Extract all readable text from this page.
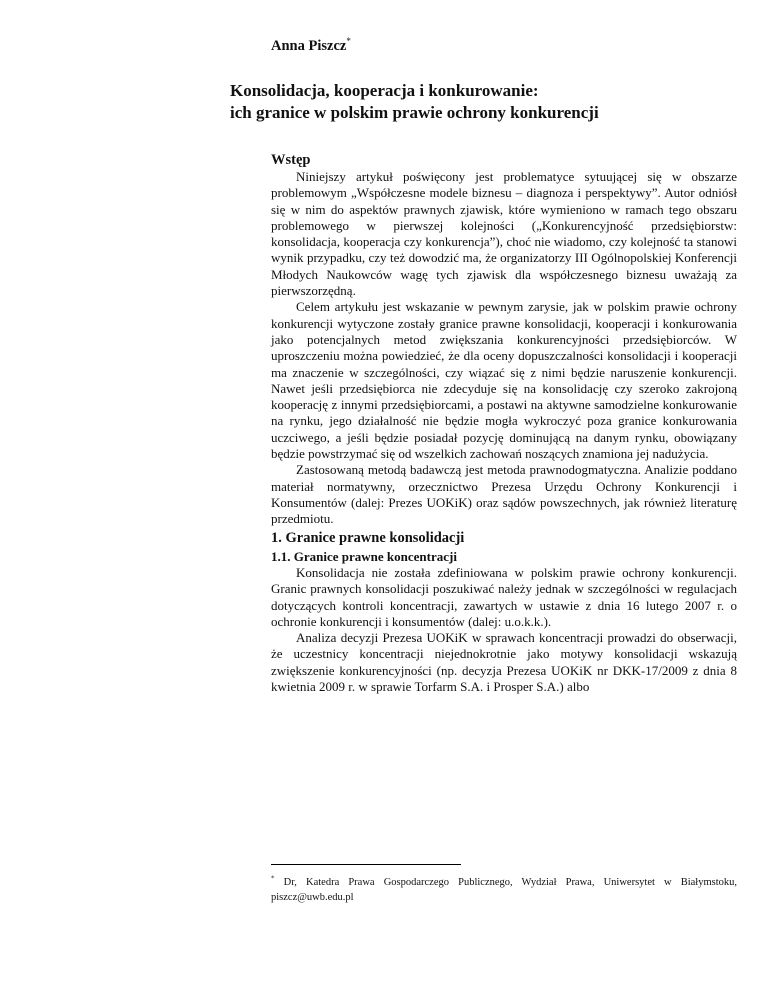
Anna Piszcz*
Konsolidacja, kooperacja i konkurowanie:
ich granice w polskim prawie ochrony konkurencji
Wstęp

Niniejszy artykuł poświęcony jest problematyce sytuującej się w obszarze problemowym „Współczesne modele biznesu – diagnoza i perspektywy”. Autor odniósł się w nim do aspektów prawnych zjawisk, które wymieniono w ramach tego obszaru problemowego w pierwszej kolejności („Konkurencyjność przedsiębiorstw: konsolidacja, kooperacja czy konkurencja”), choć nie wiadomo, czy kolejność ta stanowi wynik przypadku, czy też dowodzić ma, że organizatorzy III Ogólnopolskiej Konferencji Młodych Naukowców wagę tych zjawisk dla współczesnego biznesu uważają za pierwszorzędną.

Celem artykułu jest wskazanie w pewnym zarysie, jak w polskim prawie ochrony konkurencji wytyczone zostały granice prawne konsolidacji, kooperacji i konkurowania jako potencjalnych metod zwiększania konkurencyjności przedsiębiorców. W uproszczeniu można powiedzieć, że dla oceny dopuszczalności konsolidacji i kooperacji ma znaczenie w szczególności, czy wiązać się z nimi będzie naruszenie konkurencji. Nawet jeśli przedsiębiorca nie zdecyduje się na konsolidację czy szeroko zakrojoną kooperację z innymi przedsiębiorcami, a postawi na aktywne samodzielne konkurowanie na rynku, jego działalność nie będzie mogła wykroczyć poza granice konkurowania uczciwego, a jeśli będzie posiadał pozycję dominującą na danym rynku, obowiązany będzie powstrzymać się od wszelkich zachowań noszących znamiona jej nadużycia.

Zastosowaną metodą badawczą jest metoda prawnodogmatyczna. Analizie poddano materiał normatywny, orzecznictwo Prezesa Urzędu Ochrony Konkurencji i Konsumentów (dalej: Prezes UOKiK) oraz sądów powszechnych, jak również literaturę przedmiotu.

1. Granice prawne konsolidacji
1.1. Granice prawne koncentracji

Konsolidacja nie została zdefiniowana w polskim prawie ochrony konkurencji. Granic prawnych konsolidacji poszukiwać należy jednak w szczególności w regulacjach dotyczących kontroli koncentracji, zawartych w ustawie z dnia 16 lutego 2007 r. o ochronie konkurencji i konsumentów (dalej: u.o.k.k.).

Analiza decyzji Prezesa UOKiK w sprawach koncentracji prowadzi do obserwacji, że uczestnicy koncentracji niejednokrotnie jako motywy konsolidacji wskazują zwiększenie konkurencyjności (np. decyzja Prezesa UOKiK nr DKK-17/2009 z dnia 8 kwietnia 2009 r. w sprawie Torfarm S.A. i Prosper S.A.) albo

* Dr, Katedra Prawa Gospodarczego Publicznego, Wydział Prawa, Uniwersytet w Białymstoku, piszcz@uwb.edu.pl
